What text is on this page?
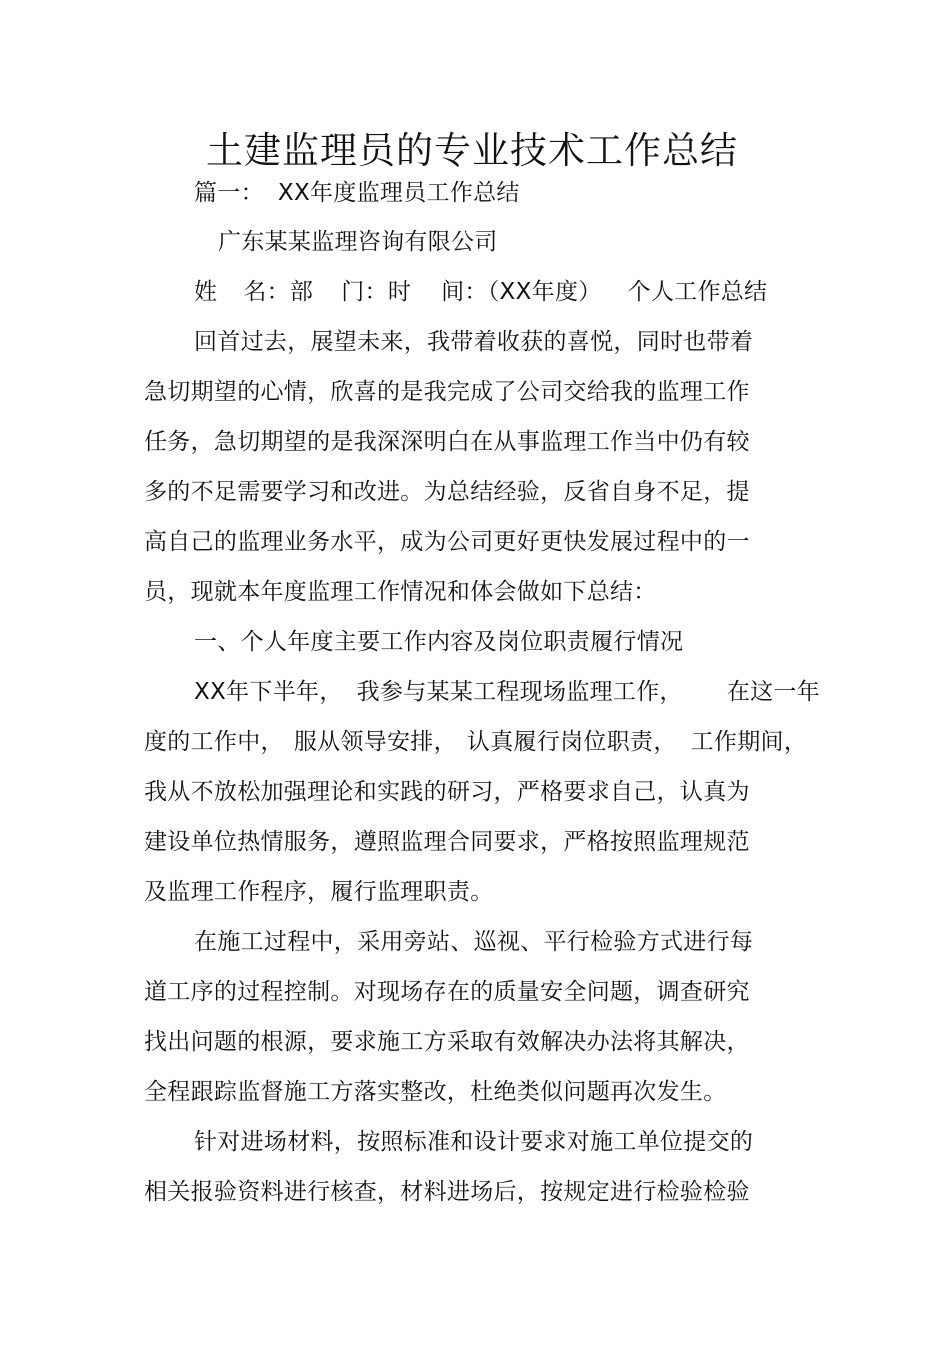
土建监理员的专业技术工作总结
篇一： XX年度监理员工作总结
广东某某监理咨询有限公司
姓 名：部 门：时 间：（XX年度） 个人工作总结
回首过去，展望未来，我带着收获的喜悦，同时也带着
急切期望的心情，欣喜的是我完成了公司交给我的监理工作
任务，急切期望的是我深深明白在从事监理工作当中仍有较
多的不足需要学习和改进。为总结经验，反省自身不足，提
高自己的监理业务水平，成为公司更好更快发展过程中的一
员，现就本年度监理工作情况和体会做如下总结：
一、个人年度主要工作内容及岗位职责履行情况
XX年下半年， 我参与某某工程现场监理工作， 在这一年
度的工作中， 服从领导安排， 认真履行岗位职责， 工作期间，
我从不放松加强理论和实践的研习，严格要求自己，认真为
建设单位热情服务，遵照监理合同要求，严格按照监理规范
及监理工作程序，履行监理职责。
在施工过程中，采用旁站、巡视、平行检验方式进行每
道工序的过程控制。对现场存在的质量安全问题，调查研究
找出问题的根源，要求施工方采取有效解决办法将其解决，
全程跟踪监督施工方落实整改，杜绝类似问题再次发生。
针对进场材料，按照标准和设计要求对施工单位提交的
相关报验资料进行核查，材料进场后，按规定进行检验检验
